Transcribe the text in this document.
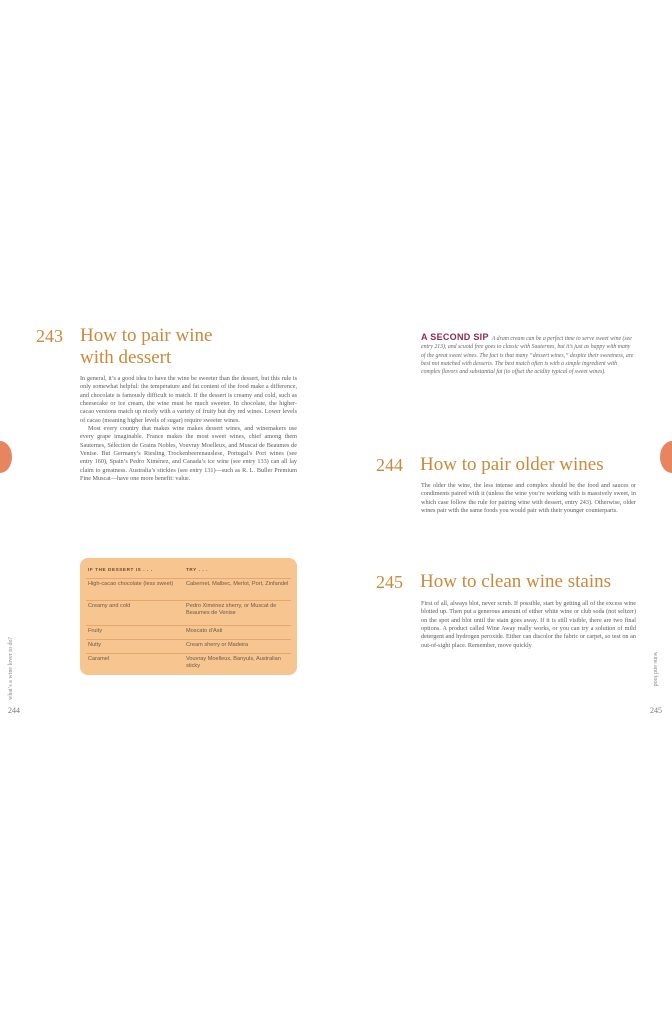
243 How to pair wine
with dessert

In general, it’s a good idea to have the wine be sweeter than the dessert, but this rule is only somewhat helpful: the temperature and fat content of the food make a difference, and chocolate is famously difficult to match. If the dessert is creamy and cold, such as cheesecake or ice cream, the wine must be much sweeter. In chocolate, the higher-cacao versions match up nicely with a variety of fruity but dry red wines. Lower levels of cacao (meaning higher levels of sugar) require sweeter wines.

Most every country that makes wine makes dessert wines, and winemakers use every grape imaginable. France makes the most sweet wines, chief among them Sauternes, Sélection de Grains Nobles, Vouvray Moelleux, and Muscat de Beaumes de Venise. But Germany’s Riesling Trockenbeerenauslese, Portugal’s Port wines (see entry 160), Spain’s Pedro Ximénez, and Canada’s ice wine (see entry 133) can all lay claim to greatness. Australia’s stickies (see entry 131)—such as R. L. Buller Premium Fine Muscat—have one more benefit: value.

IF THE DESSERT IS . . .	TRY . . .
High-cacao chocolate (less sweet)	Cabernet, Malbec, Merlot, Port, Zinfandel
Creamy and cold	Pedro Ximénez sherry, or Muscat de Beaumes de Venise
Fruity	Moscato d’Asti
Nutty	Cream sherry or Madeira
Caramel	Vouvray Moelleux, Banyuls, Australian sticky
what’s a wine lover to do?
244
wine and food
245
A SECOND SIP A dram cream can be a perfect time to serve sweet wine (see entry 213), and scuotd free goes to classic with Sauternes, but it’s just as happy with many of the great sweet wines. The fact is that many “dessert wines,” despite their sweetness, are best not matched with desserts. The best match often is with a simple ingredient with complex flavors and substantial fat (to offset the acidity typical of sweet wines).
244 How to pair older wines

The older the wine, the less intense and complex should be the food and sauces or condiments paired with it (unless the wine you’re working with is massively sweet, in which case follow the rule for pairing wine with dessert, entry 243). Otherwise, older wines pair with the same foods you would pair with their younger counterparts.

245 How to clean wine stains

First of all, always blot, never scrub. If possible, start by getting all of the excess wine blotted up. Then put a generous amount of either white wine or club soda (not seltzer) on the spot and blot until the stain goes away. If it is still visible, there are two final options. A product called Wine Away really works, or you can try a solution of mild detergent and hydrogen peroxide. Either can discolor the fabric or carpet, so test on an out-of-sight place. Remember, move quickly
